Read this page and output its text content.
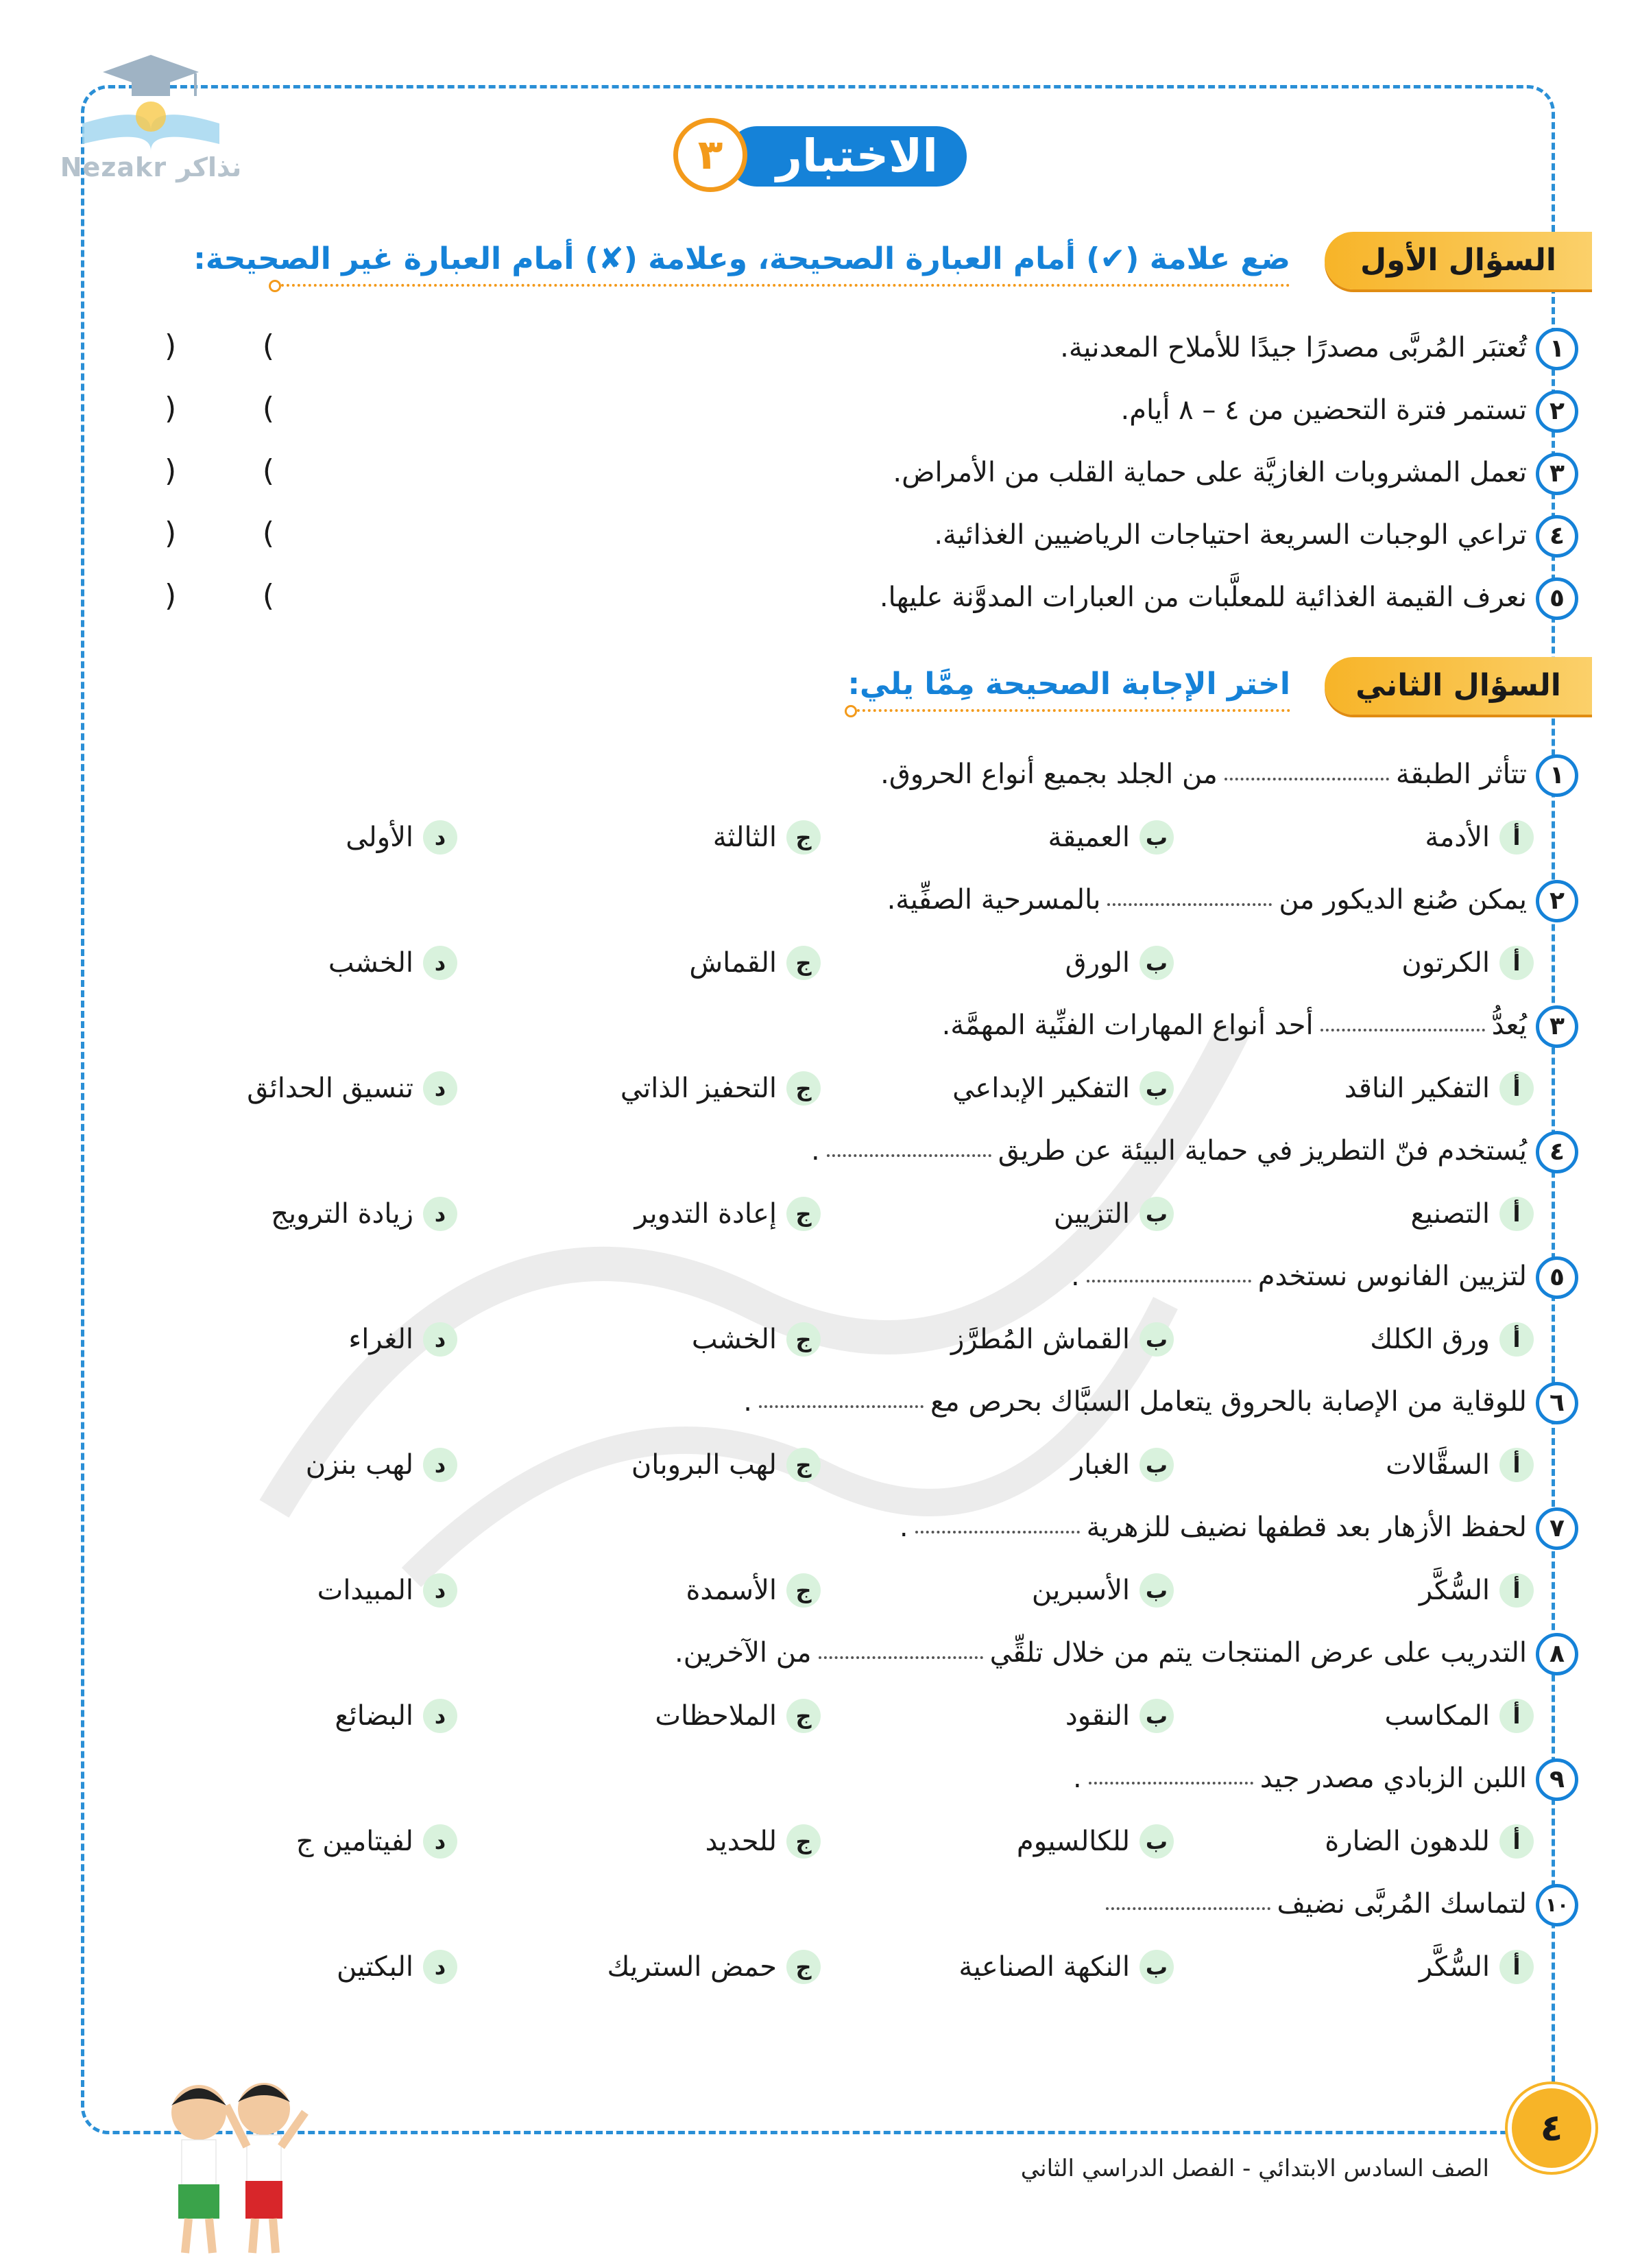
Nezakr نذاكر	الاختبار
٣
السؤال الأول
ضع علامة (✔) أمام العبارة الصحيحة، وعلامة (✘) أمام العبارة غير الصحيحة:
١
تُعتبَر المُربَّى مصدرًا جيدًا للأملاح المعدنية.
)	(
٢
تستمر فترة التحضين من ٤ – ٨ أيام.
)	(
٣
تعمل المشروبات الغازيَّة على حماية القلب من الأمراض.
)	(
٤
تراعي الوجبات السريعة احتياجات الرياضيين الغذائية.
)	(
٥
نعرف القيمة الغذائية للمعلَّبات من العبارات المدوَّنة عليها.
)	(
السؤال الثاني
اختر الإجابة الصحيحة مِمَّا يلي:
١
تتأثر الطبقةمن الجلد بجميع أنواع الحروق.
أ
الأدمة
ب
العميقة
ج
الثالثة
د
الأولى
٢
يمكن صُنع الديكور منبالمسرحية الصفِّية.
أ
الكرتون
ب
الورق
ج
القماش
د
الخشب
٣
يُعدُّأحد أنواع المهارات الفنِّية المهمَّة.
أ
التفكير الناقد
ب
التفكير الإبداعي
ج
التحفيز الذاتي
د
تنسيق الحدائق
٤
يُستخدم فنّ التطريز في حماية البيئة عن طريق.
أ
التصنيع
ب
التزيين
ج
إعادة التدوير
د
زيادة الترويج
٥
لتزيين الفانوس نستخدم.
أ
ورق الكلك
ب
القماش المُطرَّز
ج
الخشب
د
الغراء
٦
للوقاية من الإصابة بالحروق يتعامل السبَّاك بحرص مع.
أ
السقَّالات
ب
الغبار
ج
لهب البروبان
د
لهب بنزن
٧
لحفظ الأزهار بعد قطفها نضيف للزهرية.
أ
السُّكَّر
ب
الأسبرين
ج
الأسمدة
د
المبيدات
٨
التدريب على عرض المنتجات يتم من خلال تلقِّيمن الآخرين.
أ
المكاسب
ب
النقود
ج
الملاحظات
د
البضائع
٩
اللبن الزبادي مصدر جيد.
أ
للدهون الضارة
ب
للكالسيوم
ج
للحديد
د
لفيتامين ج
١٠
لتماسك المُربَّى نضيف
أ
السُّكَّر
ب
النكهة الصناعية
ج
حمض الستريك
د
البكتين
٤
الصف السادس الابتدائي - الفصل الدراسي الثاني
